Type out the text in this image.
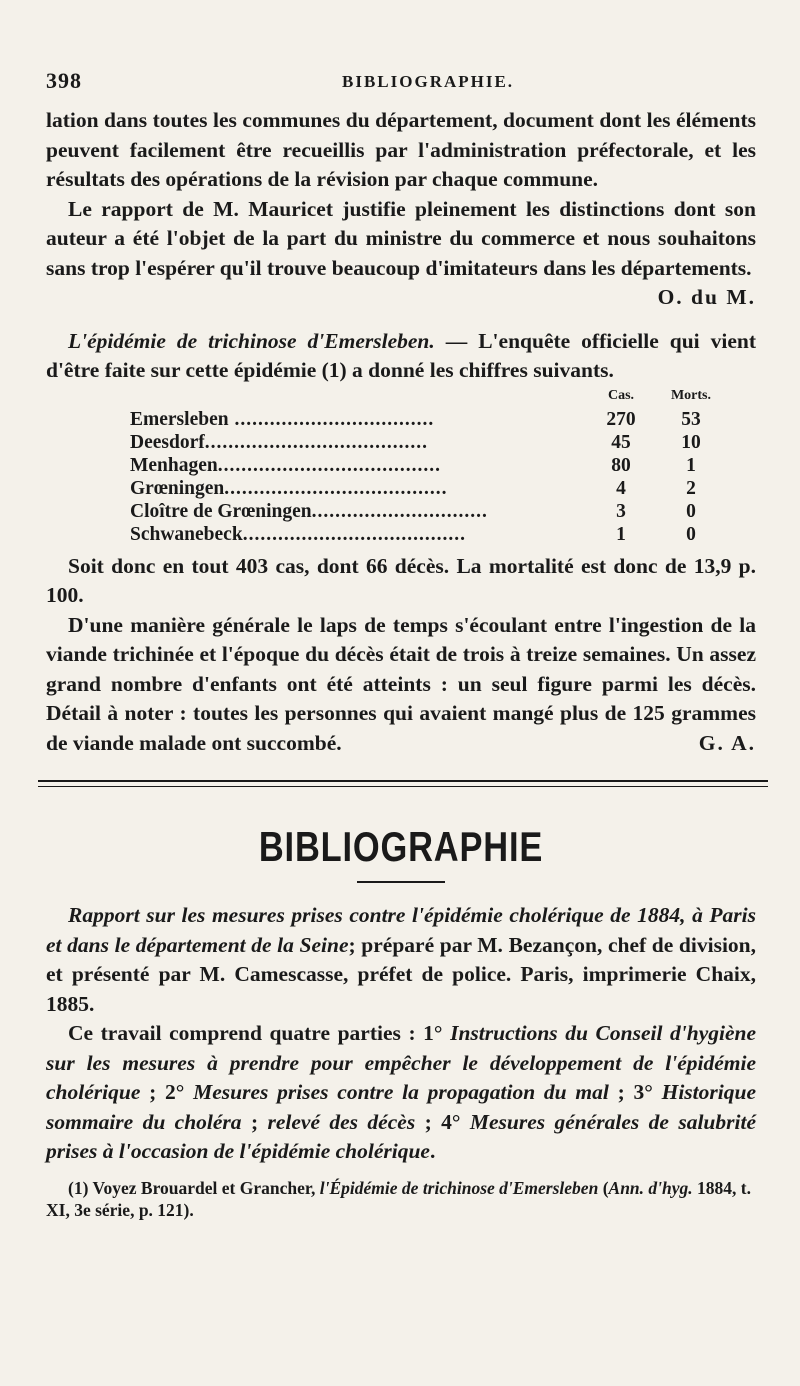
398	BIBLIOGRAPHIE.

lation dans toutes les communes du département, document dont les éléments peuvent facilement être recueillis par l'administration préfectorale, et les résultats des opérations de la révision par chaque commune.

Le rapport de M. Mauricet justifie pleinement les distinctions dont son auteur a été l'objet de la part du ministre du commerce et nous souhaitons sans trop l'espérer qu'il trouve beaucoup d'imitateurs dans les départements.
O. du M.

L'épidémie de trichinose d'Emersleben. — L'enquête officielle qui vient d'être faite sur cette épidémie (1) a donné les chiffres suivants.

Cas.	Morts.
Emersleben ..................................	270	53
Deesdorf......................................	45	10
Menhagen......................................	80	1
Grœningen......................................	4	2
Cloître de Grœningen..............................	3	0
Schwanebeck......................................	1	0

Soit donc en tout 403 cas, dont 66 décès. La mortalité est donc de 13,9 p. 100.

D'une manière générale le laps de temps s'écoulant entre l'ingestion de la viande trichinée et l'époque du décès était de trois à treize semaines. Un assez grand nombre d'enfants ont été atteints : un seul figure parmi les décès. Détail à noter : toutes les personnes qui avaient mangé plus de 125 grammes de viande malade ont succombé.	G. A.

BIBLIOGRAPHIE

Rapport sur les mesures prises contre l'épidémie cholérique de 1884, à Paris et dans le département de la Seine; préparé par M. Bezançon, chef de division, et présenté par M. Camescasse, préfet de police. Paris, imprimerie Chaix, 1885.

Ce travail comprend quatre parties : 1° Instructions du Conseil d'hygiène sur les mesures à prendre pour empêcher le développement de l'épidémie cholérique ; 2° Mesures prises contre la propagation du mal ; 3° Historique sommaire du choléra ; relevé des décès ; 4° Mesures générales de salubrité prises à l'occasion de l'épidémie cholérique.

(1) Voyez Brouardel et Grancher, l'Épidémie de trichinose d'Emersleben (Ann. d'hyg. 1884, t. XI, 3e série, p. 121).
